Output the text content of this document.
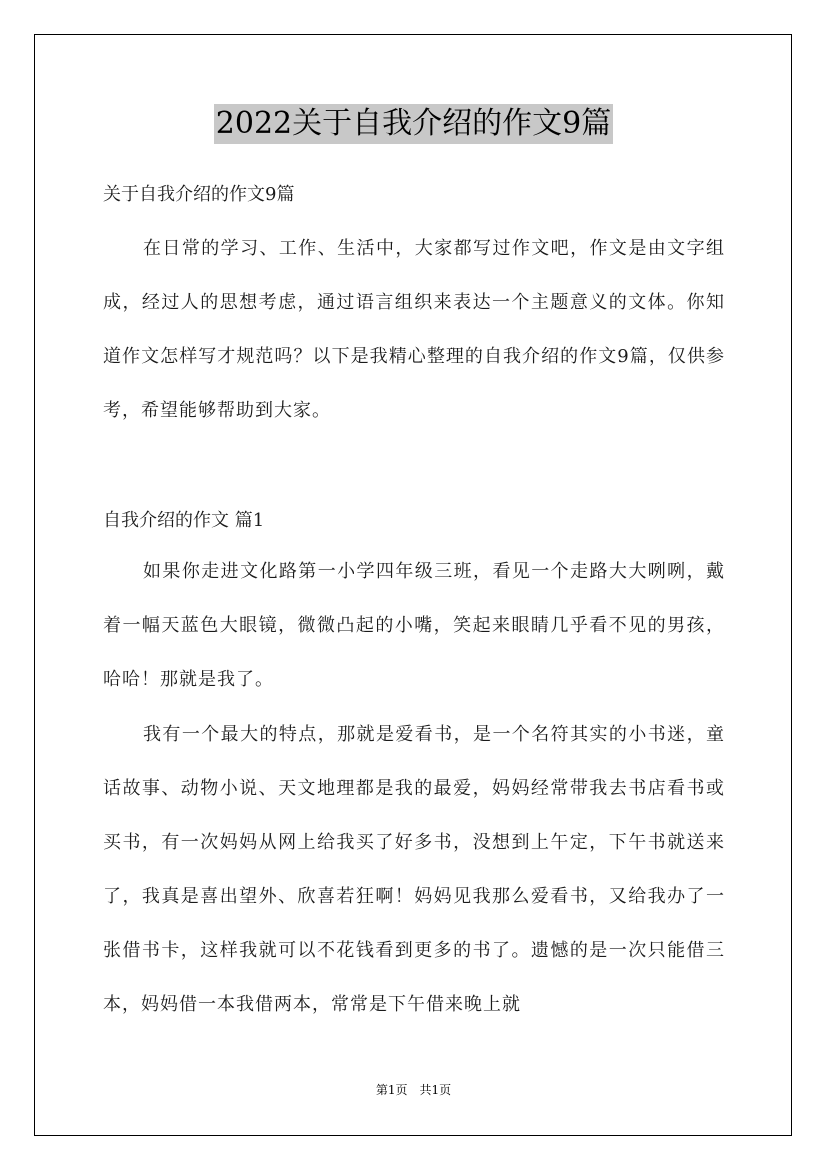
2022关于自我介绍的作文9篇
关于自我介绍的作文9篇

在日常的学习、工作、生活中，大家都写过作文吧，作文是由文字组成，经过人的思想考虑，通过语言组织来表达一个主题意义的文体。你知道作文怎样写才规范吗？以下是我精心整理的自我介绍的作文9篇，仅供参考，希望能够帮助到大家。

自我介绍的作文 篇1

如果你走进文化路第一小学四年级三班，看见一个走路大大咧咧，戴着一幅天蓝色大眼镜，微微凸起的小嘴，笑起来眼睛几乎看不见的男孩，哈哈！那就是我了。

我有一个最大的特点，那就是爱看书，是一个名符其实的小书迷，童话故事、动物小说、天文地理都是我的最爱，妈妈经常带我去书店看书或买书，有一次妈妈从网上给我买了好多书，没想到上午定，下午书就送来了，我真是喜出望外、欣喜若狂啊！妈妈见我那么爱看书，又给我办了一张借书卡，这样我就可以不花钱看到更多的书了。遗憾的是一次只能借三本，妈妈借一本我借两本，常常是下午借来晚上就

第1页　共1页
